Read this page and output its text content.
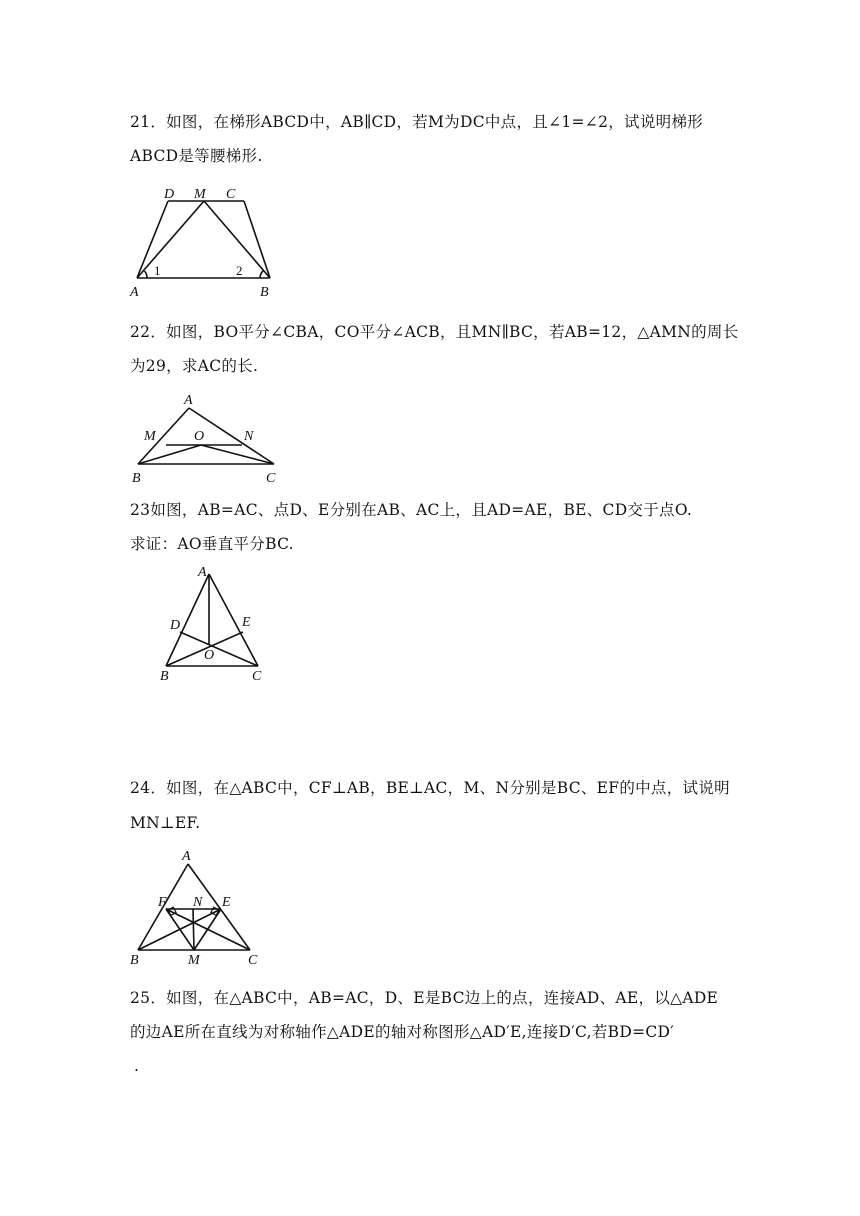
21．如图，在梯形ABCD中，AB∥CD，若M为DC中点，且∠1=∠2，试说明梯形
ABCD是等腰梯形.
D M C
A	B
1	2
22．如图，BO平分∠CBA，CO平分∠ACB，且MN∥BC，若AB=12，△AMN的周长
为29，求AC的长.
A
M	O	N
B	C
23如图，AB=AC、点D、E分别在AB、AC上，且AD=AE，BE、CD交于点O.
求证：AO垂直平分BC.
A
D	E
O
B	C
24．如图，在△ABC中，CF⊥AB，BE⊥AC，M、N分别是BC、EF的中点，试说明
MN⊥EF.
A
F N E
B	M	C
25．如图，在△ABC中，AB=AC，D、E是BC边上的点，连接AD、AE，以△ADE
的边AE所在直线为对称轴作△ADE的轴对称图形△AD′E,连接D′C,若BD=CD′
.
